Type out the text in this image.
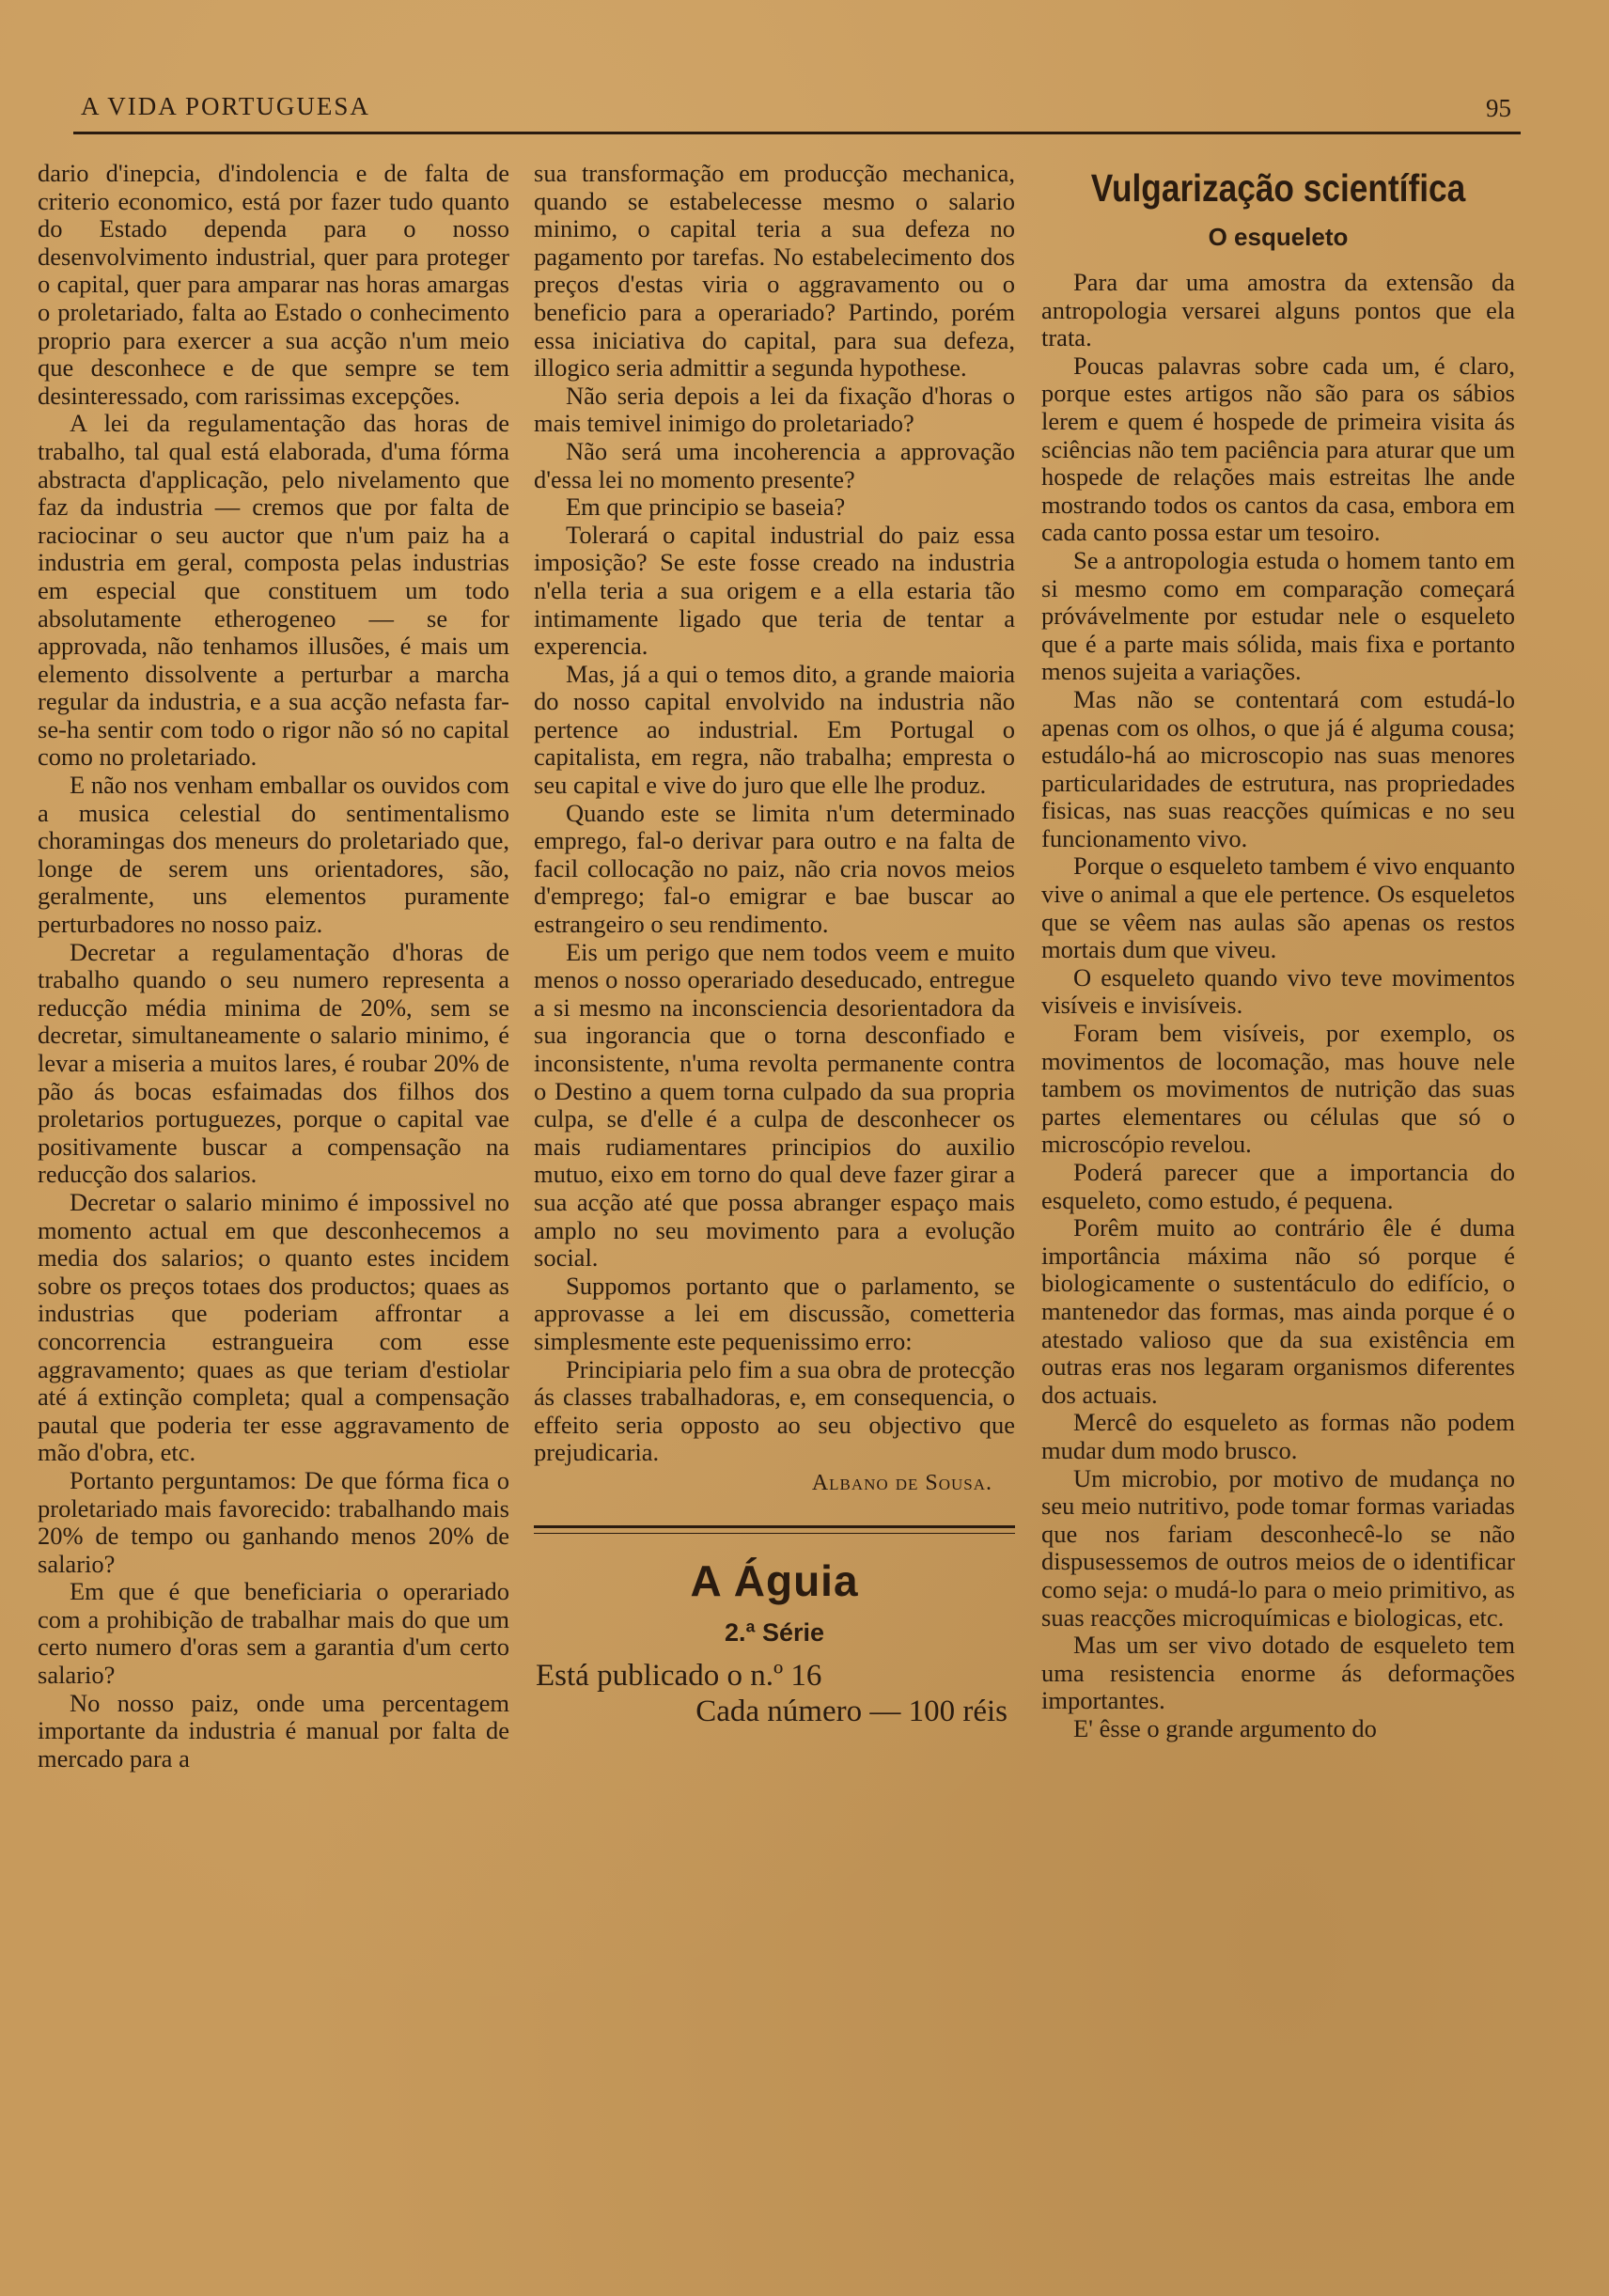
A VIDA PORTUGUESA	95

dario d'inepcia, d'indolencia e de falta de criterio economico, está por fazer tudo quanto do Estado dependa para o nosso desenvolvimento industrial, quer para proteger o capital, quer para amparar nas horas amargas o proletariado, falta ao Estado o conhecimento proprio para exercer a sua acção n'um meio que desconhece e de que sempre se tem desinteressado, com rarissimas excepções.

A lei da regulamentação das horas de trabalho, tal qual está elaborada, d'uma fórma abstracta d'applicação, pelo nivelamento que faz da industria — cremos que por falta de raciocinar o seu auctor que n'um paiz ha a industria em geral, composta pelas industrias em especial que constituem um todo absolutamente etherogeneo — se for approvada, não tenhamos illusões, é mais um elemento dissolvente a perturbar a marcha regular da industria, e a sua acção nefasta far-se-ha sentir com todo o rigor não só no capital como no proletariado.

E não nos venham emballar os ouvidos com a musica celestial do sentimentalismo choramingas dos meneurs do proletariado que, longe de serem uns orientadores, são, geralmente, uns elementos puramente perturbadores no nosso paiz.

Decretar a regulamentação d'horas de trabalho quando o seu numero representa a reducção média minima de 20%, sem se decretar, simultaneamente o salario minimo, é levar a miseria a muitos lares, é roubar 20% de pão ás bocas esfaimadas dos filhos dos proletarios portuguezes, porque o capital vae positivamente buscar a compensação na reducção dos salarios.

Decretar o salario minimo é impossivel no momento actual em que desconhecemos a media dos salarios; o quanto estes incidem sobre os preços totaes dos productos; quaes as industrias que poderiam affrontar a concorrencia estrangueira com esse aggravamento; quaes as que teriam d'estiolar até á extinção completa; qual a compensação pautal que poderia ter esse aggravamento de mão d'obra, etc.

Portanto perguntamos: De que fórma fica o proletariado mais favorecido: trabalhando mais 20% de tempo ou ganhando menos 20% de salario?

Em que é que beneficiaria o operariado com a prohibição de trabalhar mais do que um certo numero d'oras sem a garantia d'um certo salario?

No nosso paiz, onde uma percentagem importante da industria é manual por falta de mercado para a

sua transformação em producção mechanica, quando se estabelecesse mesmo o salario minimo, o capital teria a sua defeza no pagamento por tarefas. No estabelecimento dos preços d'estas viria o aggravamento ou o beneficio para a operariado? Partindo, porém essa iniciativa do capital, para sua defeza, illogico seria admittir a segunda hypothese.

Não seria depois a lei da fixação d'horas o mais temivel inimigo do proletariado?

Não será uma incoherencia a approvação d'essa lei no momento presente?

Em que principio se baseia?

Tolerará o capital industrial do paiz essa imposição? Se este fosse creado na industria n'ella teria a sua origem e a ella estaria tão intimamente ligado que teria de tentar a experencia.

Mas, já a qui o temos dito, a grande maioria do nosso capital envolvido na industria não pertence ao industrial. Em Portugal o capitalista, em regra, não trabalha; empresta o seu capital e vive do juro que elle lhe produz.

Quando este se limita n'um determinado emprego, fal-o derivar para outro e na falta de facil collocação no paiz, não cria novos meios d'emprego; fal-o emigrar e bae buscar ao estrangeiro o seu rendimento.

Eis um perigo que nem todos veem e muito menos o nosso operariado deseducado, entregue a si mesmo na inconsciencia desorientadora da sua ingorancia que o torna desconfiado e inconsistente, n'uma revolta permanente contra o Destino a quem torna culpado da sua propria culpa, se d'elle é a culpa de desconhecer os mais rudiamentares principios do auxilio mutuo, eixo em torno do qual deve fazer girar a sua acção até que possa abranger espaço mais amplo no seu movimento para a evolução social.

Suppomos portanto que o parlamento, se approvasse a lei em discussão, cometteria simplesmente este pequenissimo erro:

Principiaria pelo fim a sua obra de protecção ás classes trabalhadoras, e, em consequencia, o effeito seria opposto ao seu objectivo que prejudicaria.

Albano de Sousa.
A Águia
2.ª Série
Está publicado o n.º 16
Cada número — 100 réis
Vulgarização scientífica
O esqueleto

Para dar uma amostra da extensão da antropologia versarei alguns pontos que ela trata.

Poucas palavras sobre cada um, é claro, porque estes artigos não são para os sábios lerem e quem é hospede de primeira visita ás sciências não tem paciência para aturar que um hospede de relações mais estreitas lhe ande mostrando todos os cantos da casa, embora em cada canto possa estar um tesoiro.

Se a antropologia estuda o homem tanto em si mesmo como em comparação começará próvávelmente por estudar nele o esqueleto que é a parte mais sólida, mais fixa e portanto menos sujeita a variações.

Mas não se contentará com estudá-lo apenas com os olhos, o que já é alguma cousa; estudálo-há ao microscopio nas suas menores particularidades de estrutura, nas propriedades fisicas, nas suas reacções químicas e no seu funcionamento vivo.

Porque o esqueleto tambem é vivo enquanto vive o animal a que ele pertence. Os esqueletos que se vêem nas aulas são apenas os restos mortais dum que viveu.

O esqueleto quando vivo teve movimentos visíveis e invisíveis.

Foram bem visíveis, por exemplo, os movimentos de locomação, mas houve nele tambem os movimentos de nutrição das suas partes elementares ou células que só o microscópio revelou.

Poderá parecer que a importancia do esqueleto, como estudo, é pequena.

Porêm muito ao contrário êle é duma importância máxima não só porque é biologicamente o sustentáculo do edifício, o mantenedor das formas, mas ainda porque é o atestado valioso que da sua existência em outras eras nos legaram organismos diferentes dos actuais.

Mercê do esqueleto as formas não podem mudar dum modo brusco.

Um microbio, por motivo de mudança no seu meio nutritivo, pode tomar formas variadas que nos fariam desconhecê-lo se não dispusessemos de outros meios de o identificar como seja: o mudá-lo para o meio primitivo, as suas reacções microquímicas e biologicas, etc.

Mas um ser vivo dotado de esqueleto tem uma resistencia enorme ás deformações importantes.

E' êsse o grande argumento do
